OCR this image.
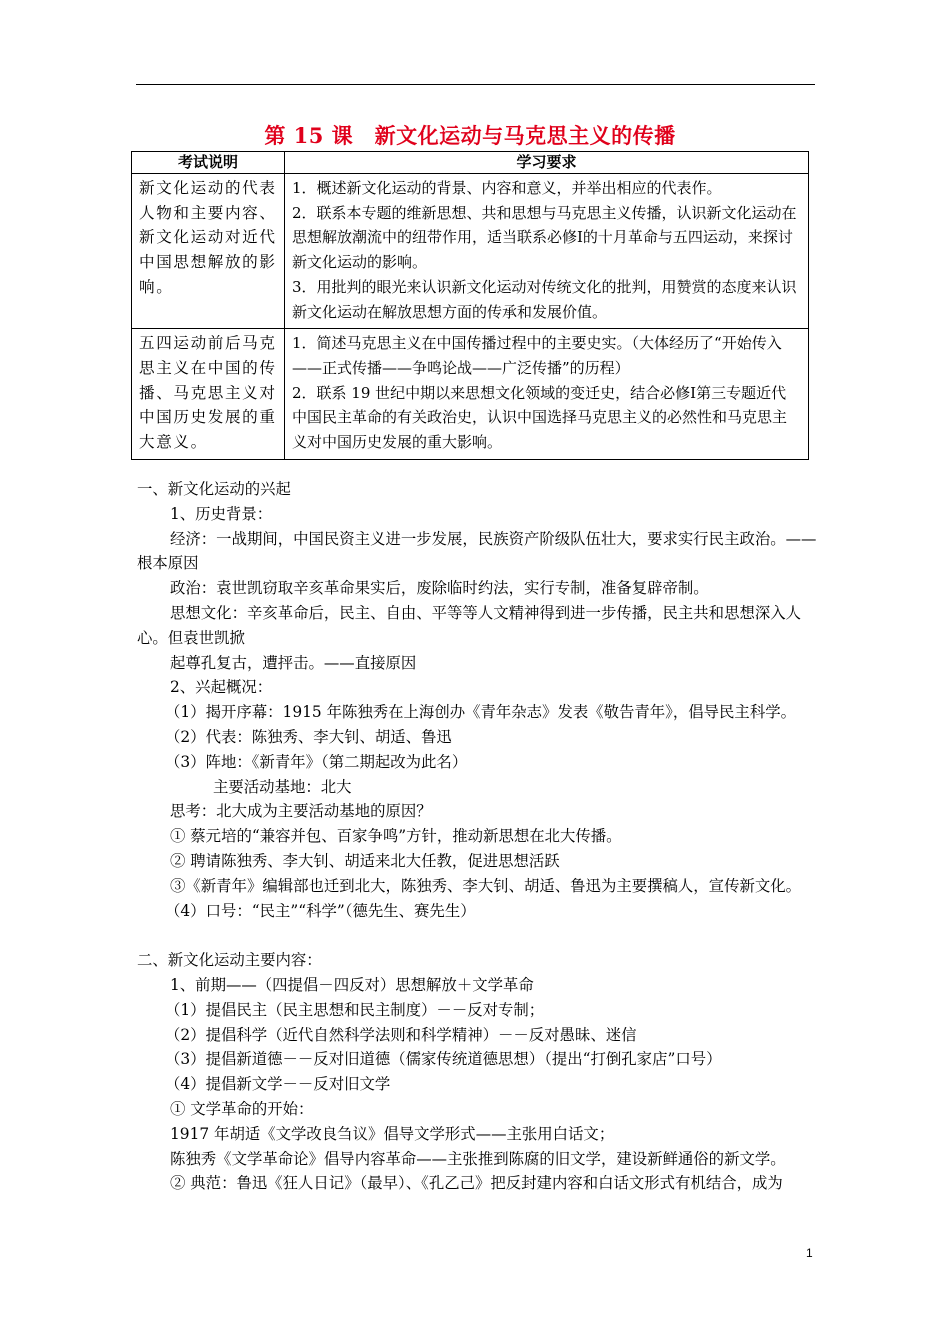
第 15 课　新文化运动与马克思主义的传播
考试说明	学习要求
新文化运动的代表人物和主要内容、新文化运动对近代中国思想解放的影响。	1．概述新文化运动的背景、内容和意义，并举出相应的代表作。

2．联系本专题的维新思想、共和思想与马克思主义传播，认识新文化运动在思想解放潮流中的纽带作用，适当联系必修Ⅰ的十月革命与五四运动，来探讨新文化运动的影响。

3．用批判的眼光来认识新文化运动对传统文化的批判，用赞赏的态度来认识新文化运动在解放思想方面的传承和发展价值。

五四运动前后马克思主义在中国的传播、马克思主义对中国历史发展的重大意义。	1．简述马克思主义在中国传播过程中的主要史实。（大体经历了“开始传入——正式传播——争鸣论战——广泛传播”的历程）

2．联系 19 世纪中期以来思想文化领域的变迁史，结合必修Ⅰ第三专题近代中国民主革命的有关政治史，认识中国选择马克思主义的必然性和马克思主义对中国历史发展的重大影响。

一、新文化运动的兴起

1、历史背景：

经济：一战期间，中国民资主义进一步发展，民族资产阶级队伍壮大，要求实行民主政治。——根本原因

政治：袁世凯窃取辛亥革命果实后，废除临时约法，实行专制，准备复辟帝制。

思想文化：辛亥革命后，民主、自由、平等等人文精神得到进一步传播，民主共和思想深入人心。但袁世凯掀

起尊孔复古，遭抨击。——直接原因

2、兴起概况：

（1）揭开序幕：1915 年陈独秀在上海创办《青年杂志》发表《敬告青年》，倡导民主科学。

（2）代表：陈独秀、李大钊、胡适、鲁迅

（3）阵地：《新青年》（第二期起改为此名）

主要活动基地：北大

思考：北大成为主要活动基地的原因？

① 蔡元培的“兼容并包、百家争鸣”方针，推动新思想在北大传播。

② 聘请陈独秀、李大钊、胡适来北大任教，促进思想活跃

③《新青年》编辑部也迁到北大，陈独秀、李大钊、胡适、鲁迅为主要撰稿人，宣传新文化。

（4）口号：“民主”“科学”（德先生、赛先生）

二、新文化运动主要内容：

1、前期——（四提倡－四反对）思想解放＋文学革命

（1）提倡民主（民主思想和民主制度）－－反对专制；

（2）提倡科学（近代自然科学法则和科学精神）－－反对愚昧、迷信

（3）提倡新道德－－反对旧道德（儒家传统道德思想）（提出“打倒孔家店”口号）

（4）提倡新文学－－反对旧文学

① 文学革命的开始：

1917 年胡适《文学改良刍议》倡导文学形式——主张用白话文；

陈独秀《文学革命论》倡导内容革命——主张推到陈腐的旧文学，建设新鲜通俗的新文学。

② 典范：鲁迅《狂人日记》（最早）、《孔乙己》把反封建内容和白话文形式有机结合，成为

1
